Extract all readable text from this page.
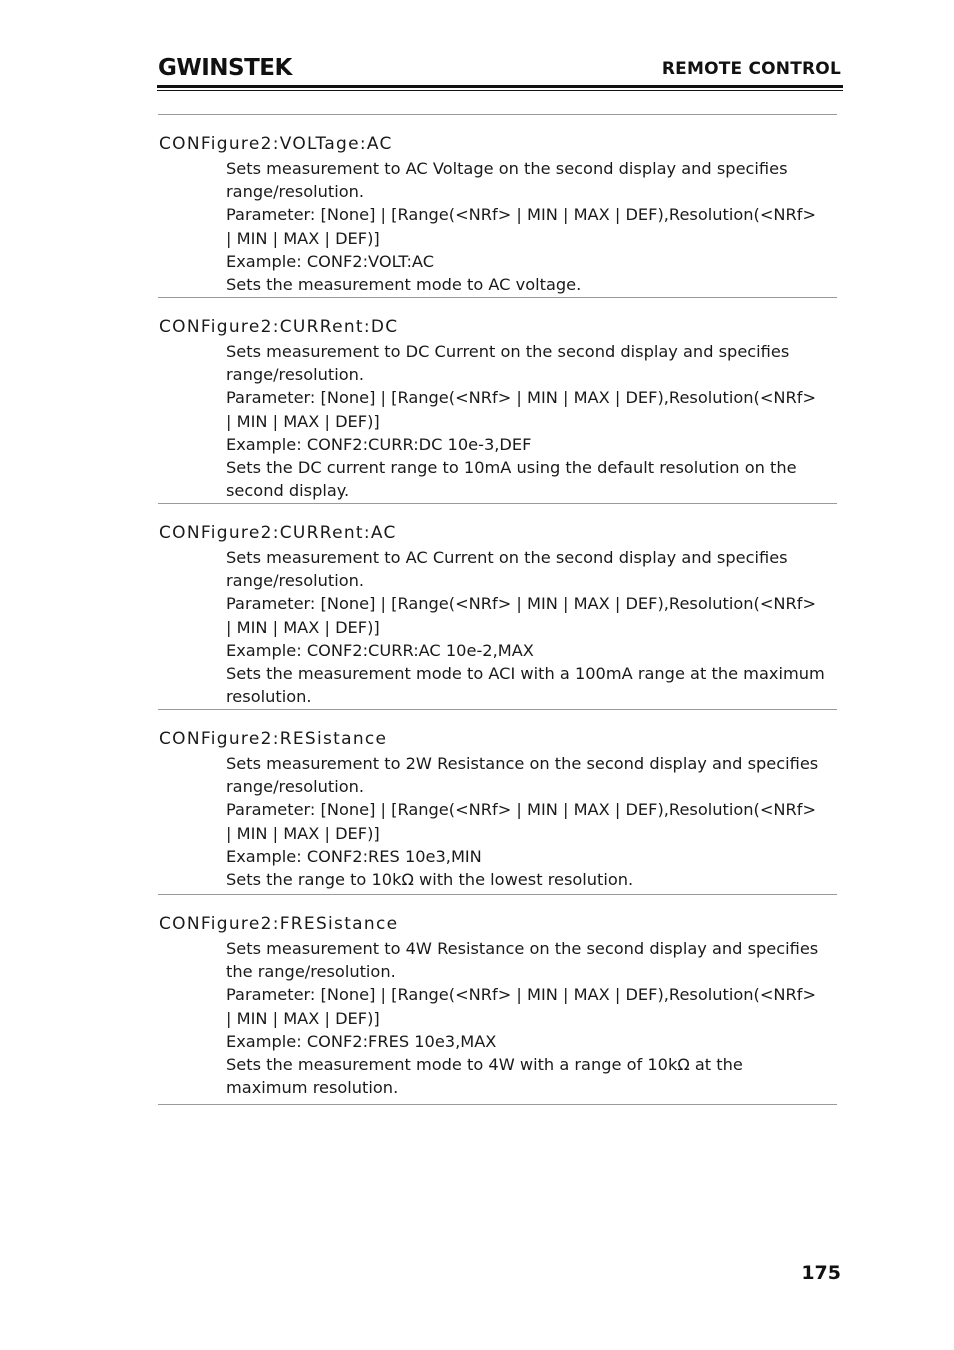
GWINSTEK	REMOTE CONTROL
CONFigure2:VOLTage:AC
Sets measurement to AC Voltage on the second display and specifies range/resolution.
Parameter: [None] | [Range(<NRf> | MIN | MAX | DEF),Resolution(<NRf> | MIN | MAX | DEF)]
Example: CONF2:VOLT:AC
Sets the measurement mode to AC voltage.
CONFigure2:CURRent:DC
Sets measurement to DC Current on the second display and specifies range/resolution.
Parameter: [None] | [Range(<NRf> | MIN | MAX | DEF),Resolution(<NRf> | MIN | MAX | DEF)]
Example: CONF2:CURR:DC 10e-3,DEF
Sets the DC current range to 10mA using the default resolution on the second display.
CONFigure2:CURRent:AC
Sets measurement to AC Current on the second display and specifies range/resolution.
Parameter: [None] | [Range(<NRf> | MIN | MAX | DEF),Resolution(<NRf> | MIN | MAX | DEF)]
Example: CONF2:CURR:AC 10e-2,MAX
Sets the measurement mode to ACI with a 100mA range at the maximum resolution.
CONFigure2:RESistance
Sets measurement to 2W Resistance on the second display and specifies range/resolution.
Parameter: [None] | [Range(<NRf> | MIN | MAX | DEF),Resolution(<NRf> | MIN | MAX | DEF)]
Example: CONF2:RES 10e3,MIN
Sets the range to 10kΩ with the lowest resolution.
CONFigure2:FRESistance
Sets measurement to 4W Resistance on the second display and specifies the range/resolution.
Parameter: [None] | [Range(<NRf> | MIN | MAX | DEF),Resolution(<NRf> | MIN | MAX | DEF)]
Example: CONF2:FRES 10e3,MAX
Sets the measurement mode to 4W with a range of 10kΩ at the maximum resolution.
175
